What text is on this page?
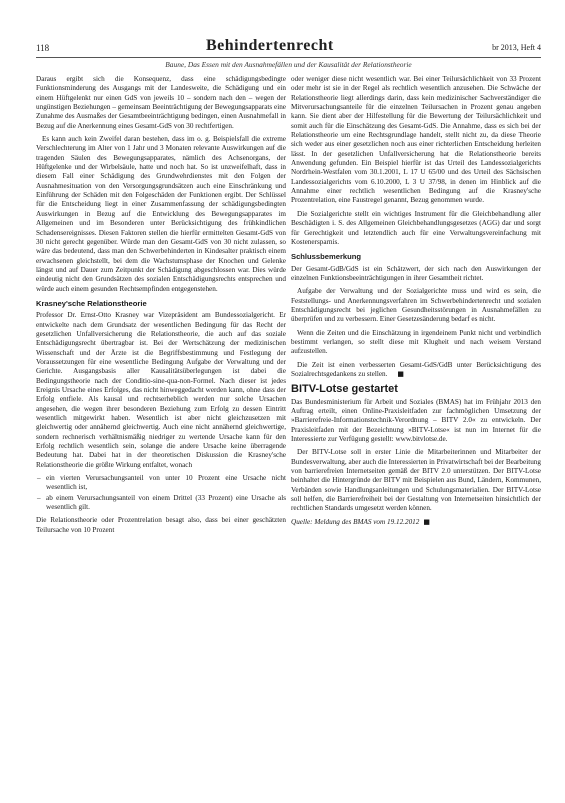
118	Behindertenrecht	br 2013, Heft 4
Baune, Das Essen mit den Ausnahmefällen und der Kausalität der Relationstheorie

Daraus ergibt sich die Konsequenz, dass eine schädigungsbedingte Funktionsminderung des Ausgangs mit der Landesweite, die Schädigung und ein einem Hüftgelenkt nur einen GdS von jeweils 10 – sondern nach den – wegen der ungünstigen Beziehungen – gemeinsam Beeinträchtigung der Bewegungsapparats eine Zunahme des Ausmaßes der Gesamtbeeinträchtigung bedingen, einen Ausnahmefall in Bezug auf die Anerkennung eines Gesamt-GdS von 30 rechtfertigen.

Es kann auch kein Zweifel daran bestehen, dass im o. g. Beispielsfall die extreme Verschlechterung im Alter von 1 Jahr und 3 Monaten relevante Auswirkungen auf die tragenden Säulen des Bewegungsapparates, nämlich des Achsenorgans, der Hüftgelenke und der Wirbelsäule, hatte und noch hat. So ist unzweifelhaft, dass in diesem Fall einer Schädigung des Grundwehrdienstes mit den Folgen der Ausnahmesituation von den Versorgungsgrundsätzen auch eine Einschränkung und Einführung der Schäden mit den Folgeschäden der Funktionen ergibt. Der Schlüssel für die Entscheidung liegt in einer Zusammenfassung der schädigungsbedingten Auswirkungen in Bezug auf die Entwicklung des Bewegungsapparates im Allgemeinen und im Besonderen unter Berücksichtigung des frühkindlichen Schadensereignisses. Diesen Faktoren stellen die hierfür ermittelten Gesamt-GdS von 30 nicht gerecht gegenüber. Würde man den Gesamt-GdS von 30 nicht zulassen, so wäre das bedeutend, dass man den Schwerbehinderten in Kindesalter praktisch einem erwachsenen gleichstellt, bei dem die Wachstumsphase der Knochen und Gelenke längst und auf Dauer zum Zeitpunkt der Schädigung abgeschlossen war. Dies würde eindeutig nicht den Grundsätzen des sozialen Entschädigungsrechts entsprechen und würde auch einem gesunden Rechtsempfinden entgegenstehen.

Krasney'sche Relationstheorie

Professor Dr. Ernst-Otto Krasney war Vizepräsident am Bundessozialgericht. Er entwickelte nach dem Grundsatz der wesentlichen Bedingung für das Recht der gesetzlichen Unfallversicherung die Relationstheorie, die auch auf das soziale Entschädigungsrecht übertragbar ist. Bei der Wertschätzung der medizinischen Wissenschaft und der Ärzte ist die Begriffsbestimmung und Festlegung der Voraussetzungen für eine wesentliche Bedingung Aufgabe der Verwaltung und der Gerichte. Ausgangsbasis aller Kausalitätsüberlegungen ist dabei die Bedingungstheorie nach der Conditio-sine-qua-non-Formel. Nach dieser ist jedes Ereignis Ursache eines Erfolges, das nicht hinweggedacht werden kann, ohne dass der Erfolg entfiele. Als kausal und rechtserheblich werden nur solche Ursachen angesehen, die wegen ihrer besonderen Beziehung zum Erfolg zu dessen Eintritt wesentlich mitgewirkt haben. Wesentlich ist aber nicht gleichzusetzen mit gleichwertig oder annähernd gleichwertig. Auch eine nicht annähernd gleichwertige, sondern rechnerisch verhältnismäßig niedriger zu wertende Ursache kann für den Erfolg rechtlich wesentlich sein, solange die andere Ursache keine überragende Bedeutung hat. Dabei hat in der theoretischen Diskussion die Krasney'sche Relationstheorie die größte Wirkung entfaltet, wonach

– ein vierten Verursachungsanteil von unter 10 Prozent eine Ursache nicht wesentlich ist,
– ab einem Verursachungsanteil von einem Drittel (33 Prozent) eine Ursache als wesentlich gilt.

Die Relationstheorie oder Prozentrelation besagt also, dass bei einer geschätzten Teilursache von 10 Prozent

oder weniger diese nicht wesentlich war. Bei einer Teilursächlichkeit von 33 Prozent oder mehr ist sie in der Regel als rechtlich wesentlich anzusehen. Die Schwäche der Relationstheorie liegt allerdings darin, dass kein medizinischer Sachverständiger die Mitverursachungsanteile für die einzelnen Teilursachen in Prozent genau angeben kann. Sie dient aber der Hilfestellung für die Bewertung der Teilursächlichkeit und somit auch für die Einschätzung des Gesamt-GdS. Die Annahme, dass es sich bei der Relationstheorie um eine Rechtsgrundlage handelt, stellt nicht zu, da diese Theorie sich weder aus einer gesetzlichen noch aus einer richterlichen Entscheidung herleiten lässt. In der gesetzlichen Unfallversicherung hat die Relationstheorie bereits Anwendung gefunden. Ein Beispiel hierfür ist das Urteil des Landessozialgerichts Nordrhein-Westfalen vom 30.1.2001, L 17 U 65/00 und des Urteil des Sächsischen Landessozialgerichts vom 6.10.2000, L 3 U 37/98, in denen im Hinblick auf die Annahme einer rechtlich wesentlichen Bedingung auf die Krasney'sche Prozentrelation, eine Faustregel genannt, Bezug genommen wurde.

Die Sozialgerichte stellt ein wichtiges Instrument für die Gleichbehandlung aller Beschädigten i. S. des Allgemeinen Gleichbehandlungsgesetzes (AGG) dar und sorgt für Gerechtigkeit und letztendlich auch für eine Verwaltungsvereinfachung mit Kostenersparnis.

Schlussbemerkung

Der Gesamt-GdB/GdS ist ein Schätzwert, der sich nach den Auswirkungen der einzelnen Funktionsbeeinträchtigungen in ihrer Gesamtheit richtet.

Aufgabe der Verwaltung und der Sozialgerichte muss und wird es sein, die Feststellungs- und Anerkennungsverfahren im Schwerbehindertenrecht und sozialen Entschädigungsrecht bei jeglichen Gesundheitsstörungen in Ausnahmefällen zu überprüfen und zu verbessern. Einer Gesetzesänderung bedarf es nicht.

Wenn die Zeiten und die Einschätzung in irgendeinem Punkt nicht und verbindlich bestimmt verlangen, so stellt diese mit Klugheit und nach weisem Verstand aufzustellen.

Die Zeit ist einen verbesserten Gesamt-GdS/GdB unter Berücksichtigung des Sozialrechtsgedankens zu stellen. ■

BITV-Lotse gestartet

Das Bundesministerium für Arbeit und Soziales (BMAS) hat im Frühjahr 2013 den Auftrag erteilt, einen Online-Praxisleitfaden zur fachmöglichen Umsetzung der »Barrierefreie-Informationstechnik-Verordnung – BITV 2.0« zu entwickeln. Der Praxisleitfaden mit der Bezeichnung »BITV-Lotse« ist nun im Internet für die Interessierte zur Verfügung gestellt: www.bitvlotse.de.

Der BITV-Lotse soll in erster Linie die Mitarbeiterinnen und Mitarbeiter der Bundesverwaltung, aber auch die Interessierten in Privatwirtschaft bei der Bearbeitung von barrierefreien Internetseiten gemäß der BITV 2.0 unterstützen. Der BITV-Lotse beinhaltet die Hintergründe der BITV mit Beispielen aus Bund, Ländern, Kommunen, Verbänden sowie Handlungsanleitungen und Schulungsmaterialien. Der BITV-Lotse soll helfen, die Barrierefreiheit bei der Gestaltung von Internetseiten hinsichtlich der rechtlichen Standards umgesetzt werden können.

Quelle: Meldung des BMAS vom 19.12.2012 ■
